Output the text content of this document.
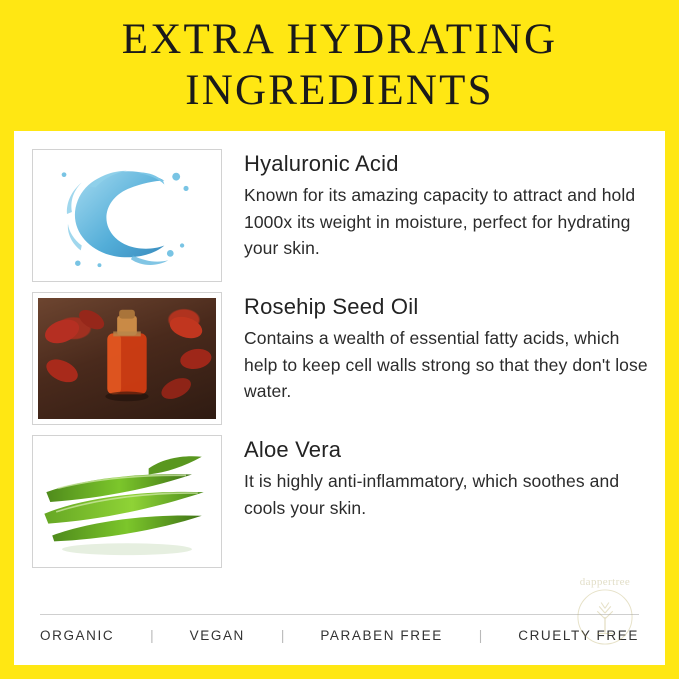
EXTRA HYDRATING
INGREDIENTS
Hyaluronic Acid

Known for its amazing capacity to attract and hold 1000x its weight in moisture, perfect for hydrating your skin.

Rosehip Seed Oil

Contains a wealth of essential fatty acids, which help to keep cell walls strong so that they don't lose water.

Aloe Vera

It is highly anti-inflammatory, which soothes and cools your skin.

ORGANIC	|	VEGAN	|	PARABEN FREE	|	CRUELTY FREE
dappertree
